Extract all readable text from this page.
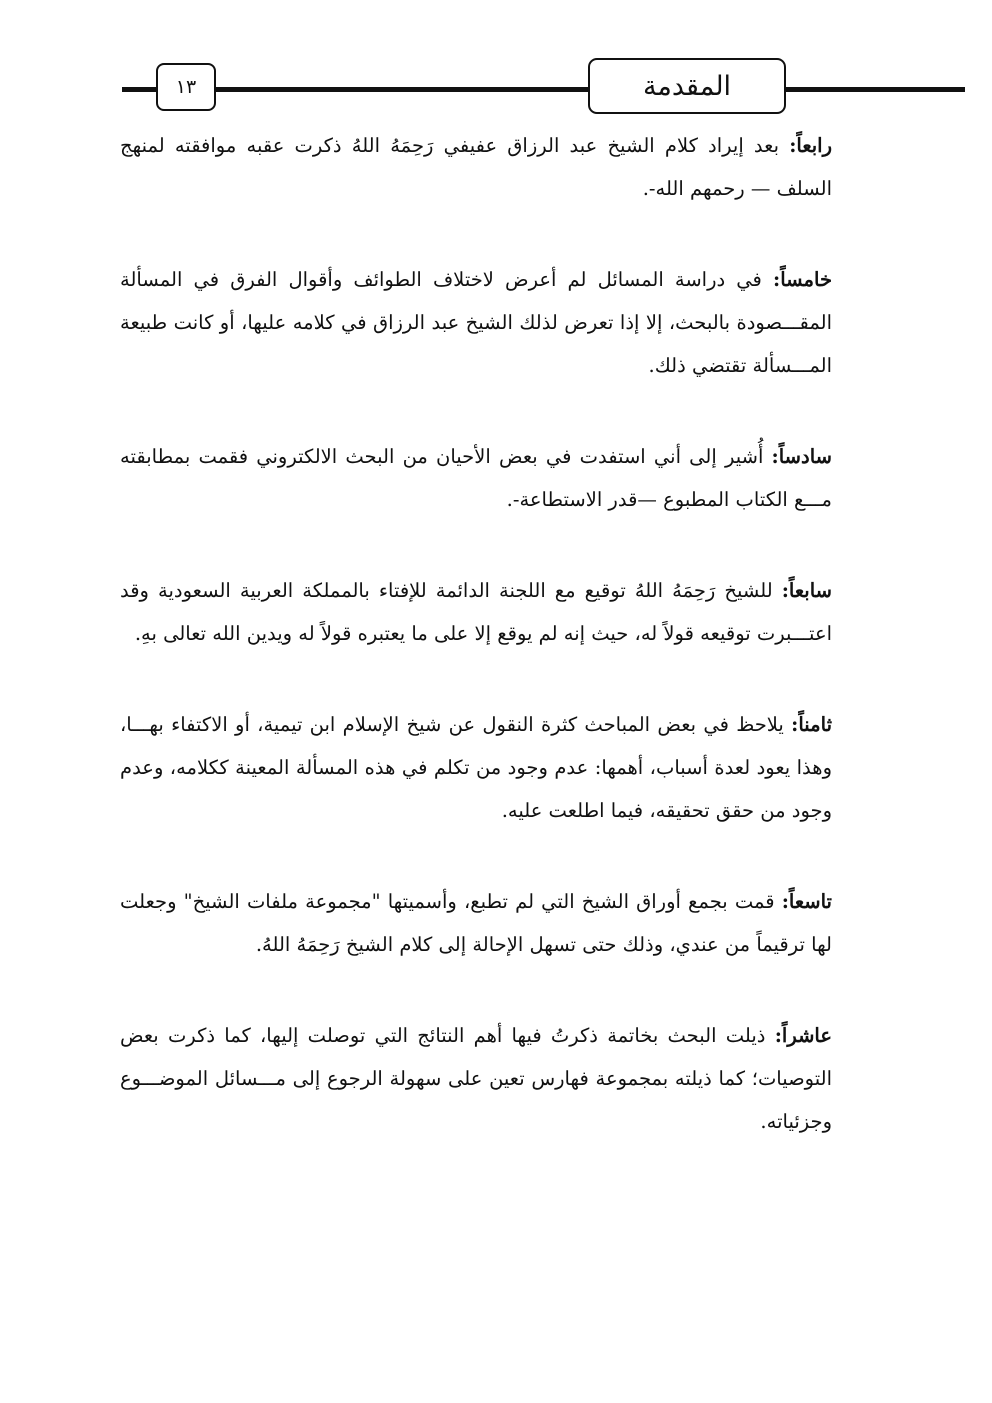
١٣	المقدمة

رابعاً: بعد إيراد كلام الشيخ عبد الرزاق عفيفي رَحِمَهُ اللهُ ذكرت عقبه موافقته لمنهج السلف — رحمهم الله-.

خامساً: في دراسة المسائل لم أعرض لاختلاف الطوائف وأقوال الفرق في المسألة المقـــصودة بالبحث، إلا إذا تعرض لذلك الشيخ عبد الرزاق في كلامه عليها، أو كانت طبيعة المـــسألة تقتضي ذلك.

سادساً: أُشير إلى أني استفدت في بعض الأحيان من البحث الالكتروني فقمت بمطابقته مـــع الكتاب المطبوع —قدر الاستطاعة-.

سابعاً: للشيخ رَحِمَهُ اللهُ توقيع مع اللجنة الدائمة للإفتاء بالمملكة العربية السعودية وقد اعتـــبرت توقيعه قولاً له، حيث إنه لم يوقع إلا على ما يعتبره قولاً له ويدين الله تعالى بهِ.

ثامناً: يلاحظ في بعض المباحث كثرة النقول عن شيخ الإسلام ابن تيمية، أو الاكتفاء بهـــا، وهذا يعود لعدة أسباب، أهمها: عدم وجود من تكلم في هذه المسألة المعينة ككلامه، وعدم وجود من حقق تحقيقه، فيما اطلعت عليه.

تاسعاً: قمت بجمع أوراق الشيخ التي لم تطبع، وأسميتها "مجموعة ملفات الشيخ" وجعلت لها ترقيماً من عندي، وذلك حتى تسهل الإحالة إلى كلام الشيخ رَحِمَهُ اللهُ.

عاشراً: ذيلت البحث بخاتمة ذكرتُ فيها أهم النتائج التي توصلت إليها، كما ذكرت بعض التوصيات؛ كما ذيلته بمجموعة فهارس تعين على سهولة الرجوع إلى مـــسائل الموضـــوع وجزئياته.
